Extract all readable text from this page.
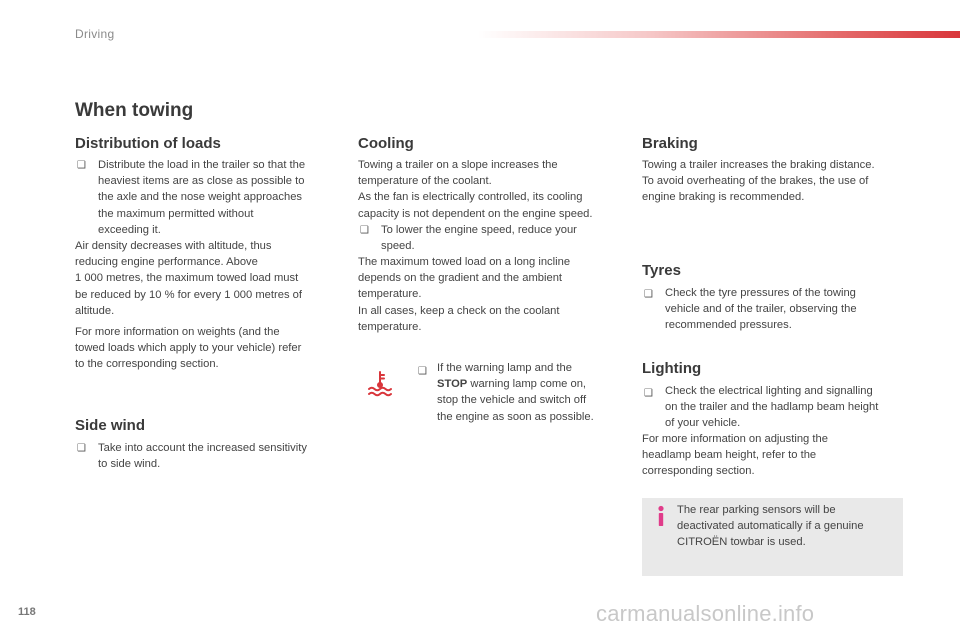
Driving
When towing
Distribution of loads
❑ Distribute the load in the trailer so that the
heaviest items are as close as possible to
the axle and the nose weight approaches
the maximum permitted without
exceeding it.
Air density decreases with altitude, thus
reducing engine performance. Above
1 000 metres, the maximum towed load must
be reduced by 10 % for every 1 000 metres of
altitude.
For more information on weights (and the
towed loads which apply to your vehicle) refer
to the corresponding section.
Side wind
❑ Take into account the increased sensitivity
to side wind.
Cooling
Towing a trailer on a slope increases the
temperature of the coolant.
As the fan is electrically controlled, its cooling
capacity is not dependent on the engine speed.
❑ To lower the engine speed, reduce your
speed.
The maximum towed load on a long incline
depends on the gradient and the ambient
temperature.
In all cases, keep a check on the coolant
temperature.
❑ If the warning lamp and the
STOP warning lamp come on,
stop the vehicle and switch off
the engine as soon as possible.
Braking
Towing a trailer increases the braking distance.
To avoid overheating of the brakes, the use of
engine braking is recommended.
Tyres
❑ Check the tyre pressures of the towing
vehicle and of the trailer, observing the
recommended pressures.
Lighting
❑ Check the electrical lighting and signalling
on the trailer and the hadlamp beam height
of your vehicle.
For more information on adjusting the
headlamp beam height, refer to the
corresponding section.
The rear parking sensors will be
deactivated automatically if a genuine
CITROËN towbar is used.
118	carmanualsonline.info
